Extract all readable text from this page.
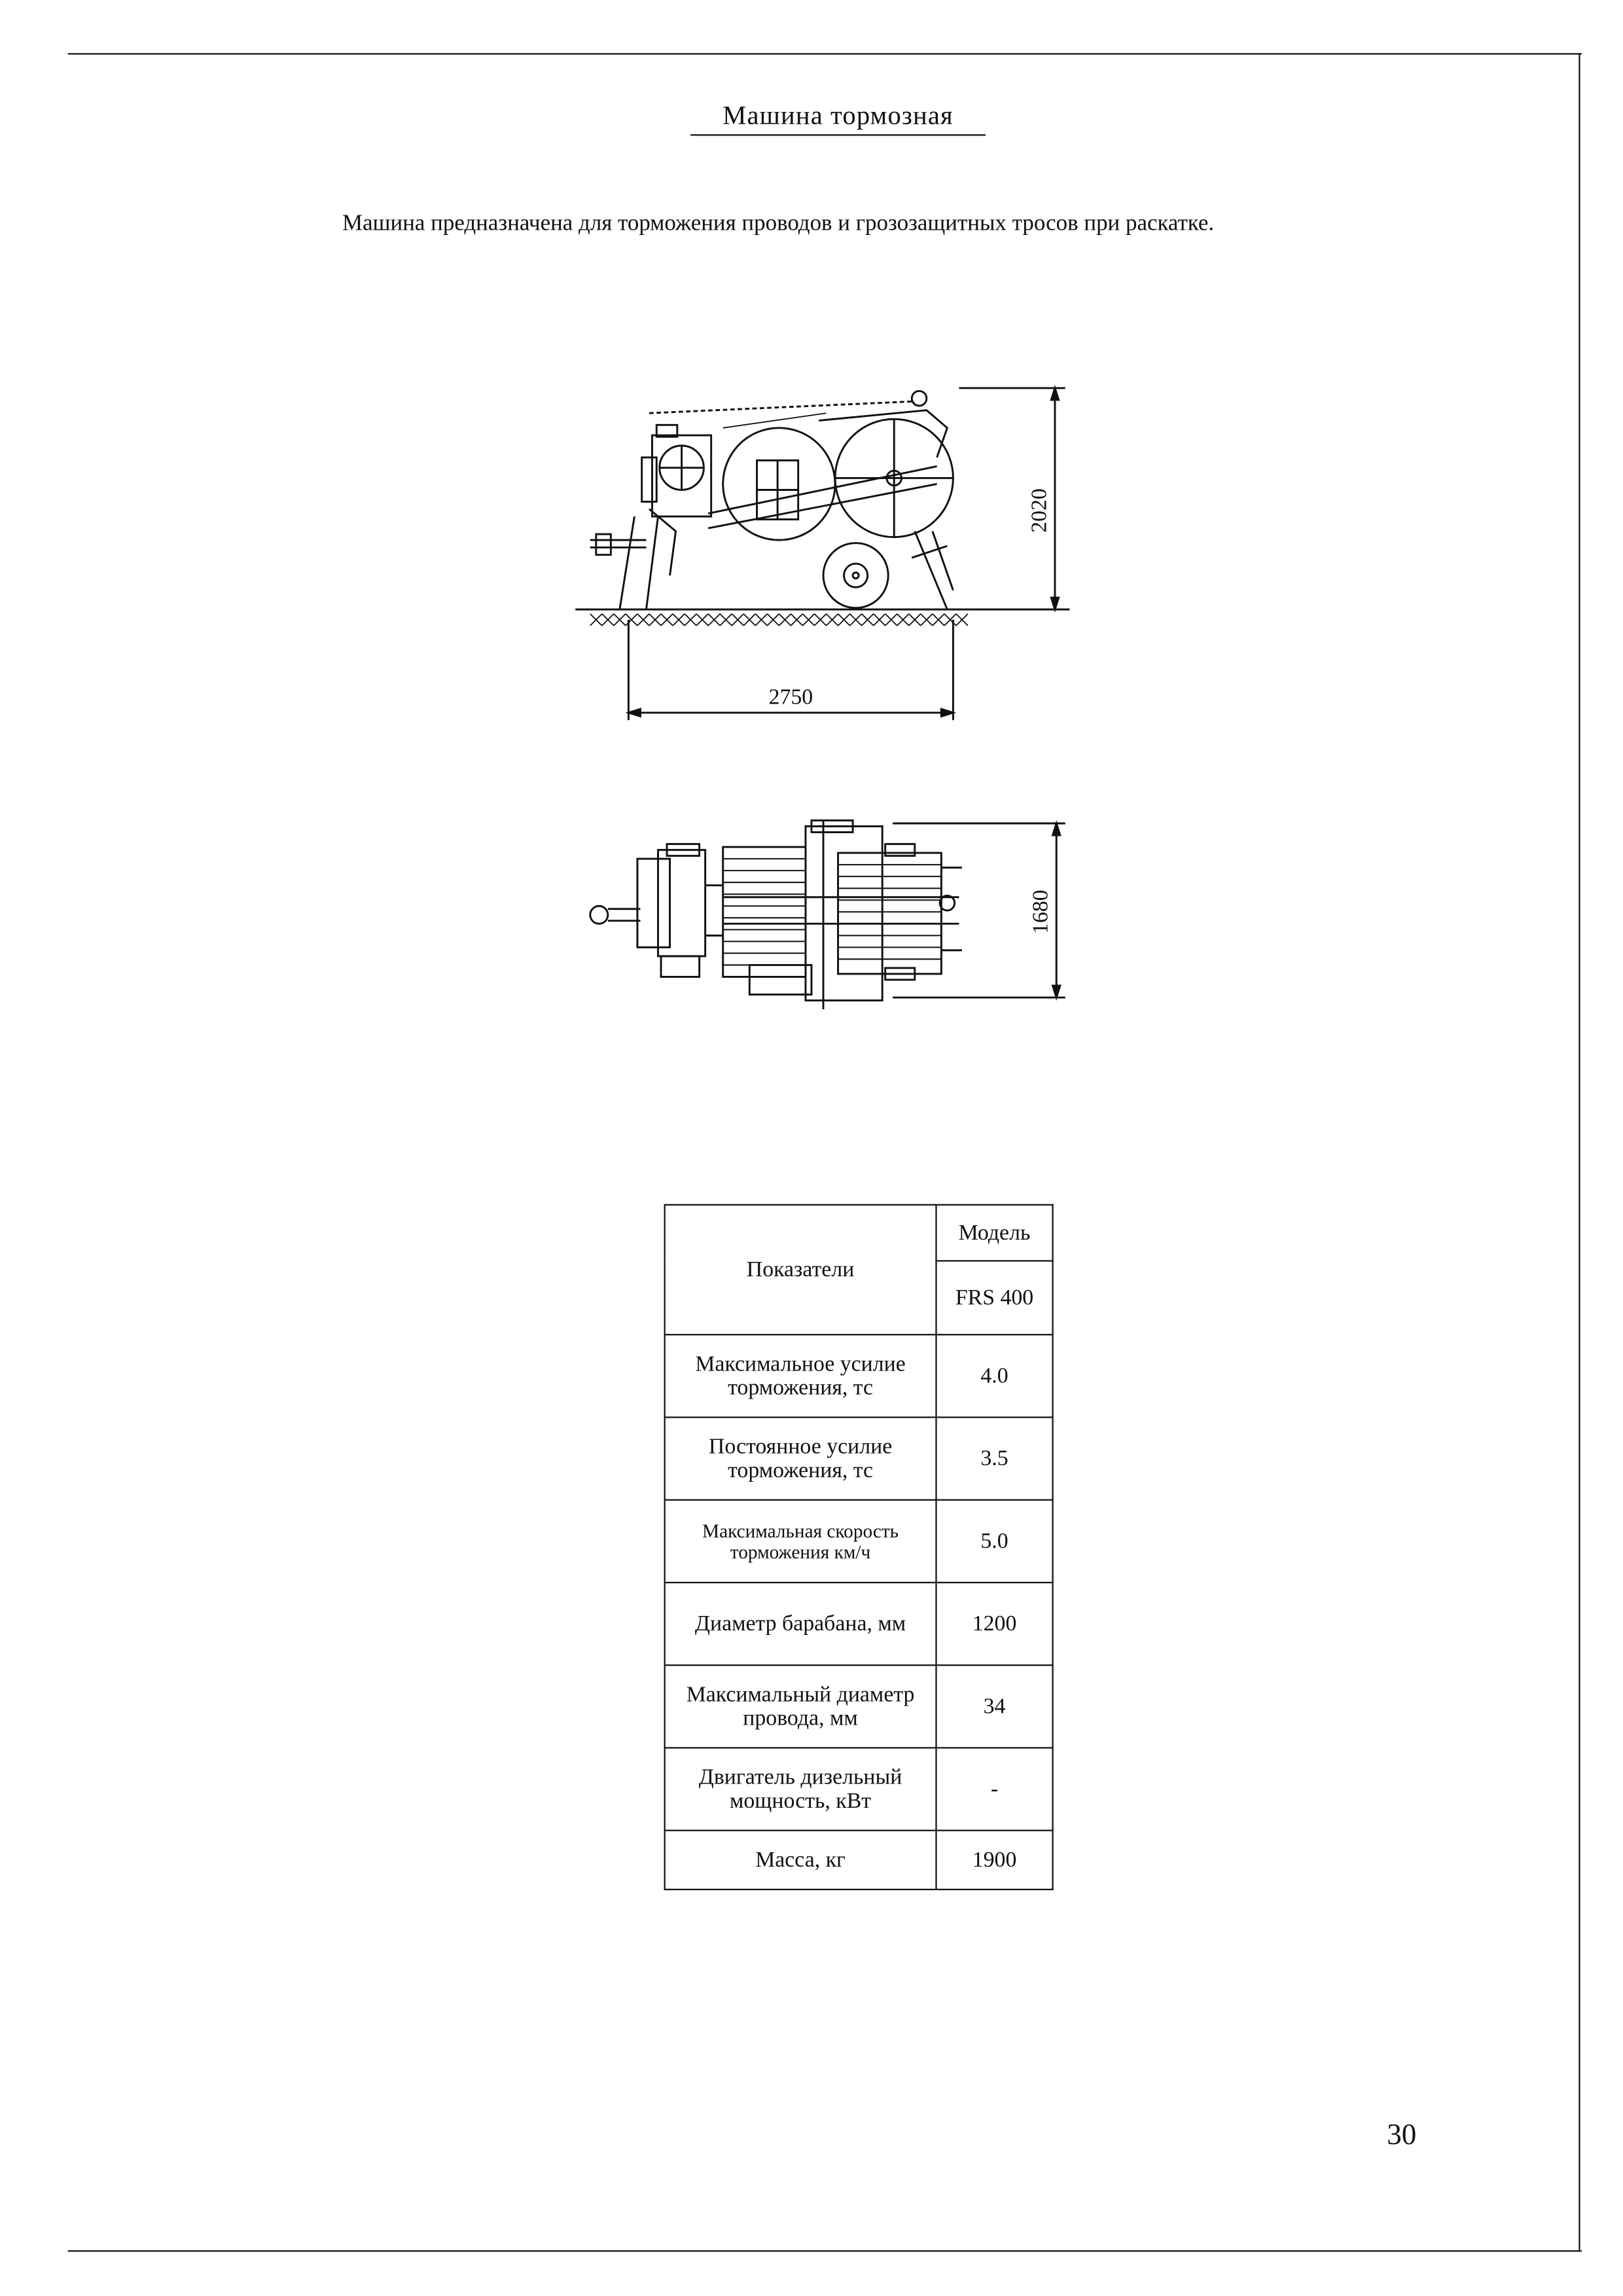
Машина тормозная
Машина предназначена для торможения проводов и грозозащитных тросов при раскатке.
2750
2020
1680
Показатели	Модель
	FRS 400
Максимальное усилие торможения, тс	4.0
Постоянное усилие торможения, тс	3.5
Максимальная скорость торможения км/ч	5.0
Диаметр барабана, мм	1200
Максимальный диаметр провода, мм	34
Двигатель дизельный мощность, кВт	-
Масса, кг	1900
30
